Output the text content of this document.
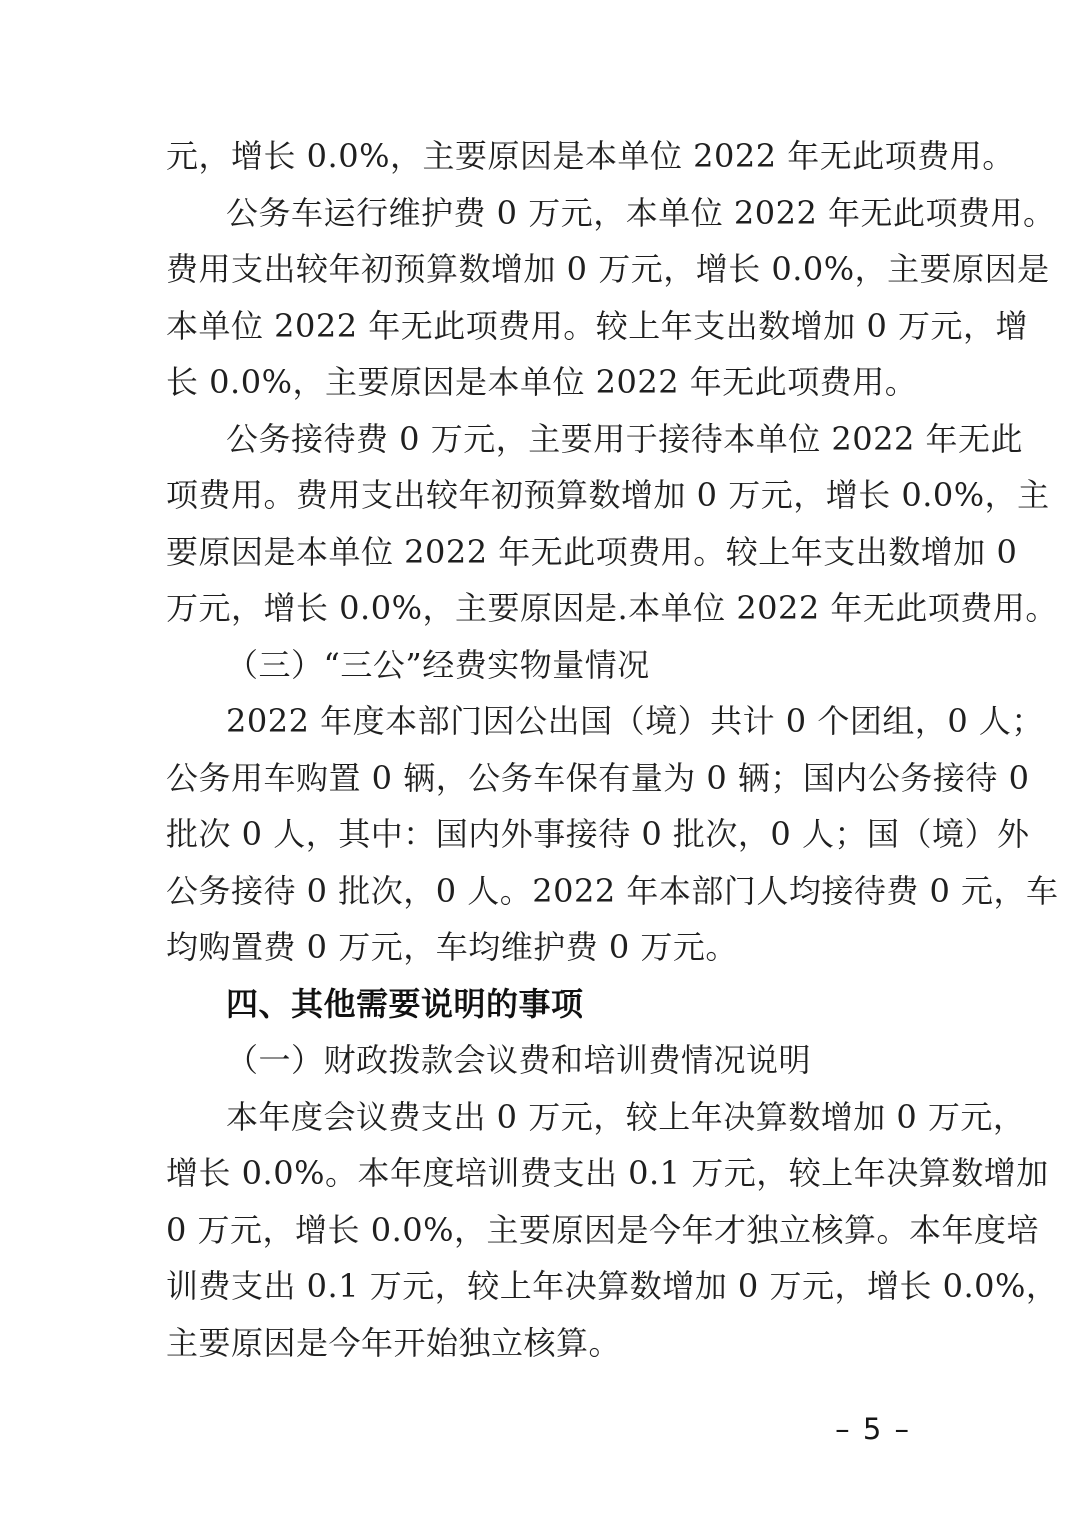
元，增长 0.0%，主要原因是本单位 2022 年无此项费用。
公务车运行维护费 0 万元，本单位 2022 年无此项费用。
费用支出较年初预算数增加 0 万元，增长 0.0%，主要原因是
本单位 2022 年无此项费用。较上年支出数增加 0 万元，增
长 0.0%，主要原因是本单位 2022 年无此项费用。
公务接待费 0 万元，主要用于接待本单位 2022 年无此
项费用。费用支出较年初预算数增加 0 万元，增长 0.0%，主
要原因是本单位 2022 年无此项费用。较上年支出数增加 0
万元，增长 0.0%，主要原因是.本单位 2022 年无此项费用。
（三）“三公”经费实物量情况
2022 年度本部门因公出国（境）共计 0 个团组，0 人；
公务用车购置 0 辆，公务车保有量为 0 辆；国内公务接待 0
批次 0 人，其中：国内外事接待 0 批次，0 人；国（境）外
公务接待 0 批次，0 人。2022 年本部门人均接待费 0 元，车
均购置费 0 万元，车均维护费 0 万元。
四、其他需要说明的事项
（一）财政拨款会议费和培训费情况说明
本年度会议费支出 0 万元，较上年决算数增加 0 万元，
增长 0.0%。本年度培训费支出 0.1 万元，较上年决算数增加
0 万元，增长 0.0%，主要原因是今年才独立核算。本年度培
训费支出 0.1 万元，较上年决算数增加 0 万元，增长 0.0%，
主要原因是今年开始独立核算。
– 5 –
